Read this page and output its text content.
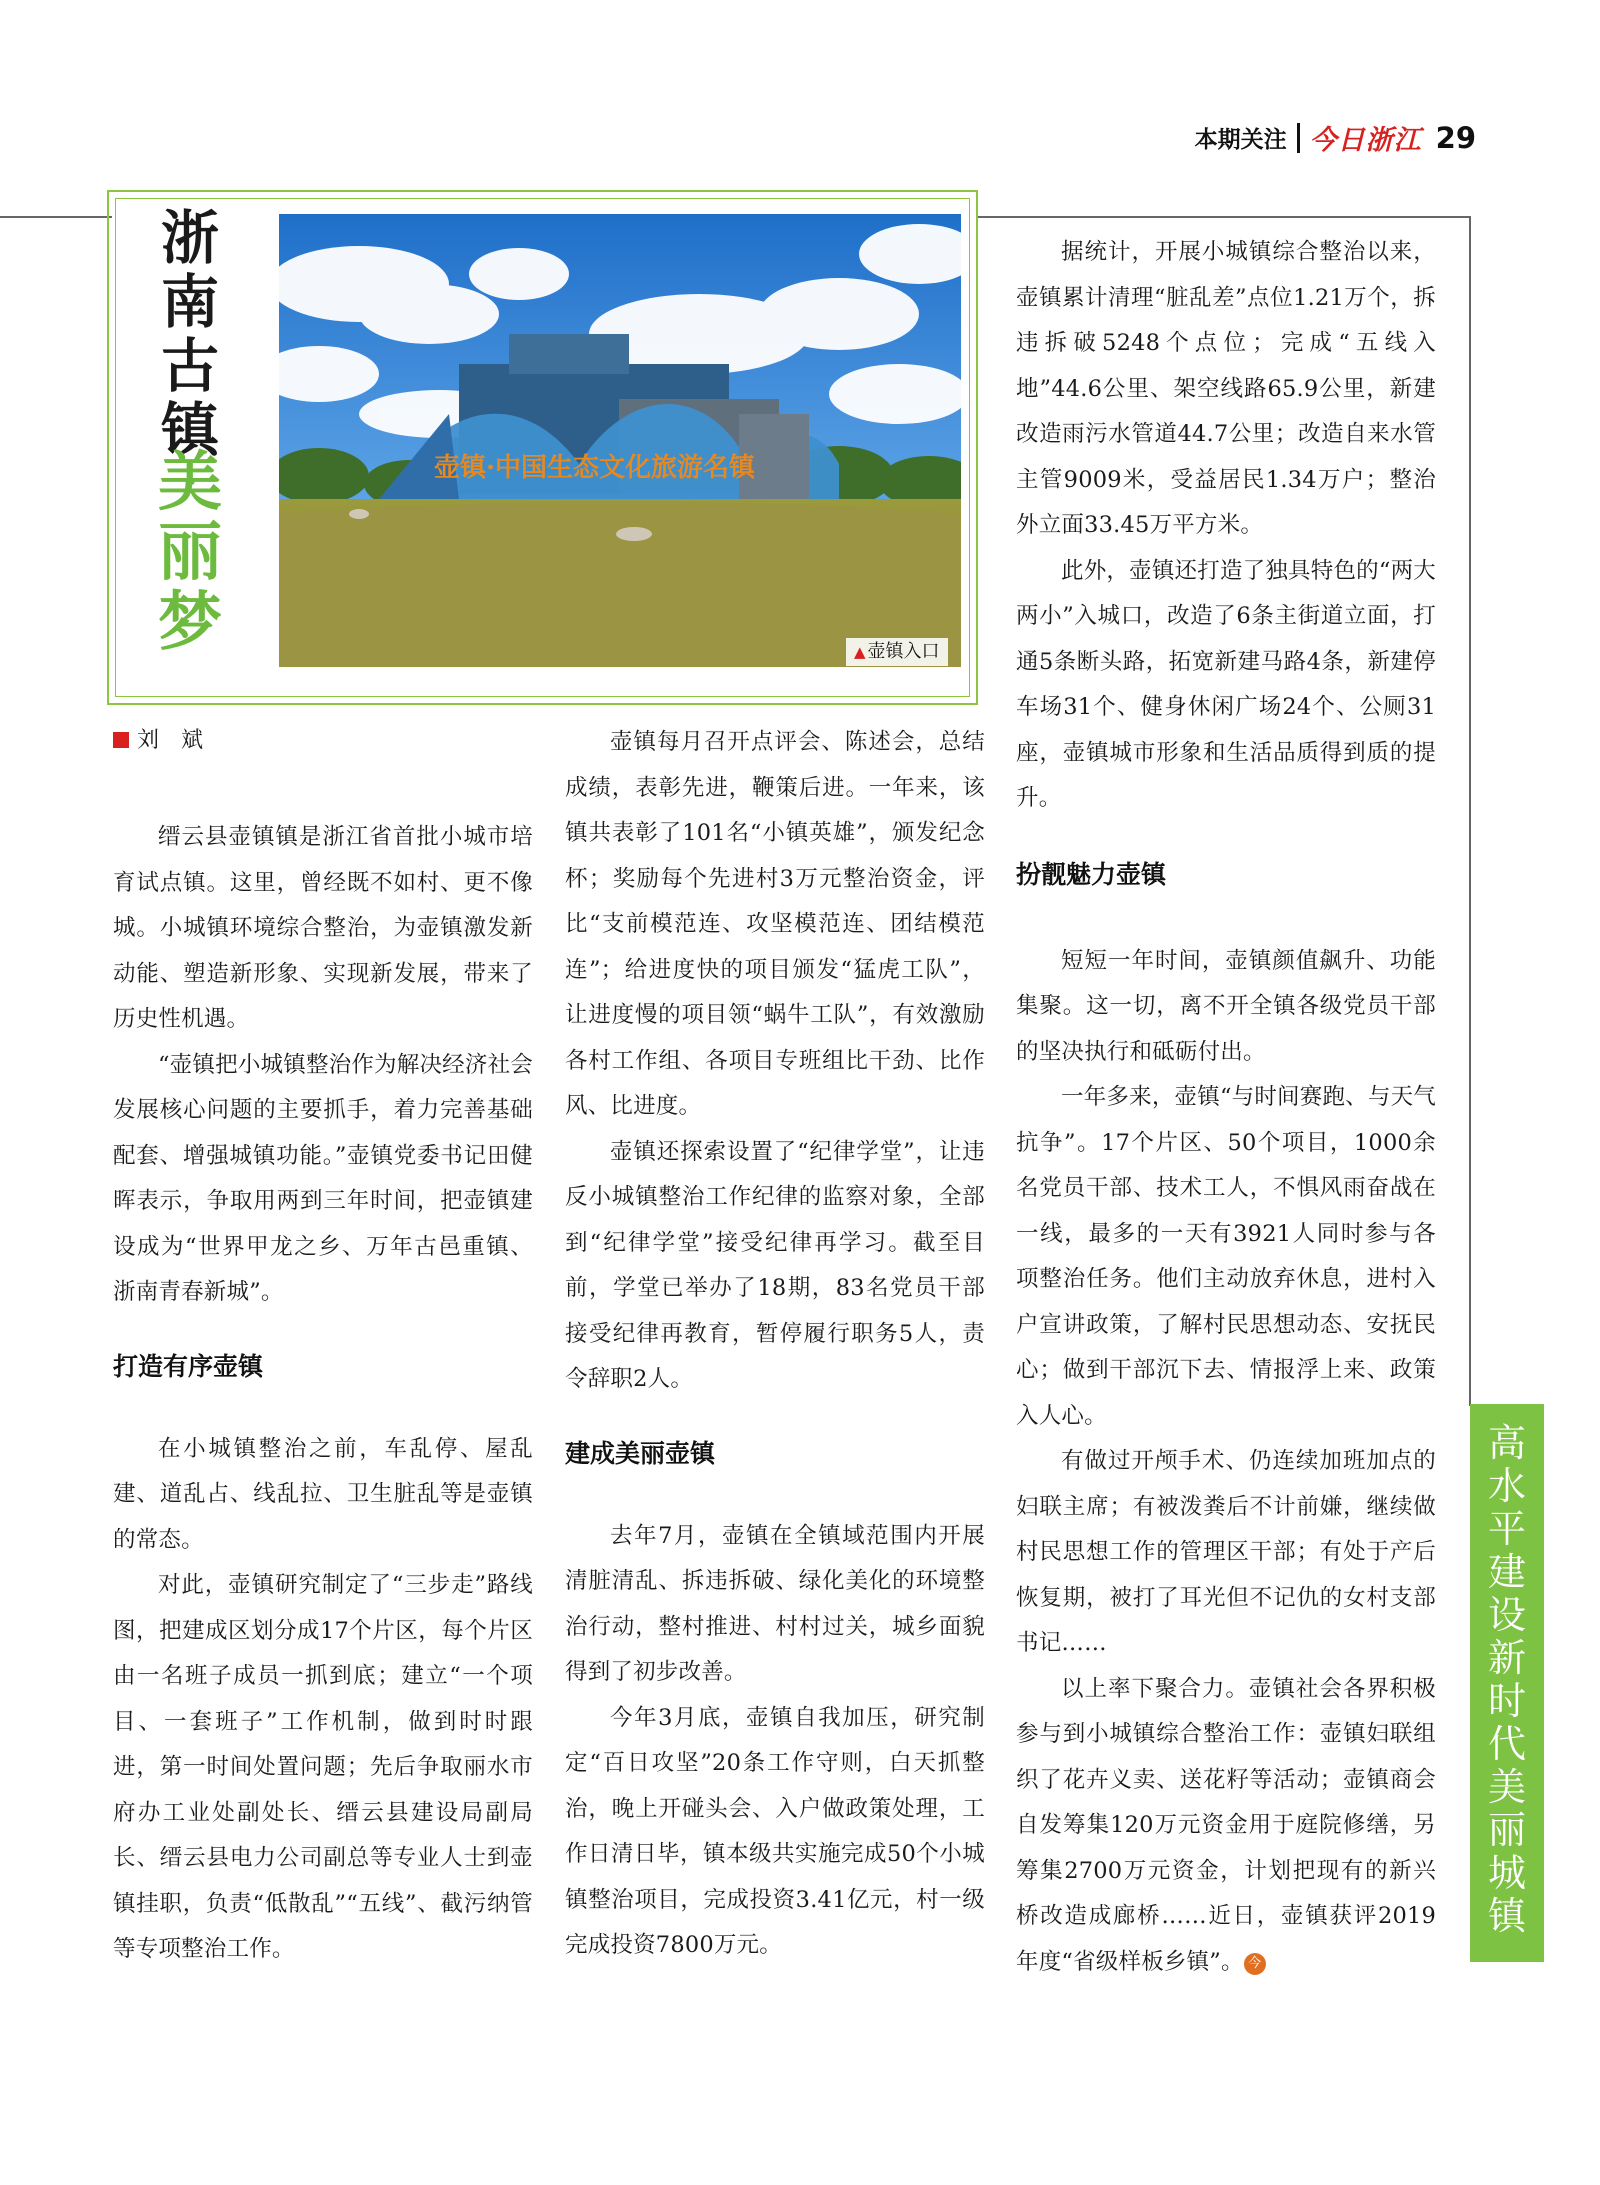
本期关注 今日浙江 29
浙
南
古
镇
美
丽
梦
壶镇·中国生态文化旅游名镇
▲ 壶镇入口
刘　斌

缙云县壶镇镇是浙江省首批小城市培育试点镇。这里，曾经既不如村、更不像城。小城镇环境综合整治，为壶镇激发新动能、塑造新形象、实现新发展，带来了历史性机遇。

“壶镇把小城镇整治作为解决经济社会发展核心问题的主要抓手，着力完善基础配套、增强城镇功能。”壶镇党委书记田健晖表示，争取用两到三年时间，把壶镇建设成为“世界甲龙之乡、万年古邑重镇、浙南青春新城”。

打造有序壶镇

在小城镇整治之前，车乱停、屋乱建、道乱占、线乱拉、卫生脏乱等是壶镇的常态。

对此，壶镇研究制定了“三步走”路线图，把建成区划分成17个片区，每个片区由一名班子成员一抓到底；建立“一个项目、一套班子”工作机制，做到时时跟进，第一时间处置问题；先后争取丽水市府办工业处副处长、缙云县建设局副局长、缙云县电力公司副总等专业人士到壶镇挂职，负责“低散乱”“五线”、截污纳管等专项整治工作。

壶镇每月召开点评会、陈述会，总结成绩，表彰先进，鞭策后进。一年来，该镇共表彰了101名“小镇英雄”，颁发纪念杯；奖励每个先进村3万元整治资金，评比“支前模范连、攻坚模范连、团结模范连”；给进度快的项目颁发“猛虎工队”，让进度慢的项目领“蜗牛工队”，有效激励各村工作组、各项目专班组比干劲、比作风、比进度。

壶镇还探索设置了“纪律学堂”，让违反小城镇整治工作纪律的监察对象，全部到“纪律学堂”接受纪律再学习。截至目前，学堂已举办了18期，83名党员干部接受纪律再教育，暂停履行职务5人，责令辞职2人。

建成美丽壶镇

去年7月，壶镇在全镇域范围内开展清脏清乱、拆违拆破、绿化美化的环境整治行动，整村推进、村村过关，城乡面貌得到了初步改善。

今年3月底，壶镇自我加压，研究制定“百日攻坚”20条工作守则，白天抓整治，晚上开碰头会、入户做政策处理，工作日清日毕，镇本级共实施完成50个小城镇整治项目，完成投资3.41亿元，村一级完成投资7800万元。

据统计，开展小城镇综合整治以来，壶镇累计清理“脏乱差”点位1.21万个，拆违拆破5248个点位；完成“五线入地”44.6公里、架空线路65.9公里，新建改造雨污水管道44.7公里；改造自来水管主管9009米，受益居民1.34万户；整治外立面33.45万平方米。

此外，壶镇还打造了独具特色的“两大两小”入城口，改造了6条主街道立面，打通5条断头路，拓宽新建马路4条，新建停车场31个、健身休闲广场24个、公厕31座，壶镇城市形象和生活品质得到质的提升。

扮靓魅力壶镇

短短一年时间，壶镇颜值飙升、功能集聚。这一切，离不开全镇各级党员干部的坚决执行和砥砺付出。

一年多来，壶镇“与时间赛跑、与天气抗争”。17个片区、50个项目，1000余名党员干部、技术工人，不惧风雨奋战在一线，最多的一天有3921人同时参与各项整治任务。他们主动放弃休息，进村入户宣讲政策，了解村民思想动态、安抚民心；做到干部沉下去、情报浮上来、政策入人心。

有做过开颅手术、仍连续加班加点的妇联主席；有被泼粪后不计前嫌，继续做村民思想工作的管理区干部；有处于产后恢复期，被打了耳光但不记仇的女村支部书记……

以上率下聚合力。壶镇社会各界积极参与到小城镇综合整治工作：壶镇妇联组织了花卉义卖、送花籽等活动；壶镇商会自发筹集120万元资金用于庭院修缮，另筹集2700万元资金，计划把现有的新兴桥改造成廊桥……近日，壶镇获评2019年度“省级样板乡镇”。 今

高
水
平
建
设
新
时
代
美
丽
城
镇
